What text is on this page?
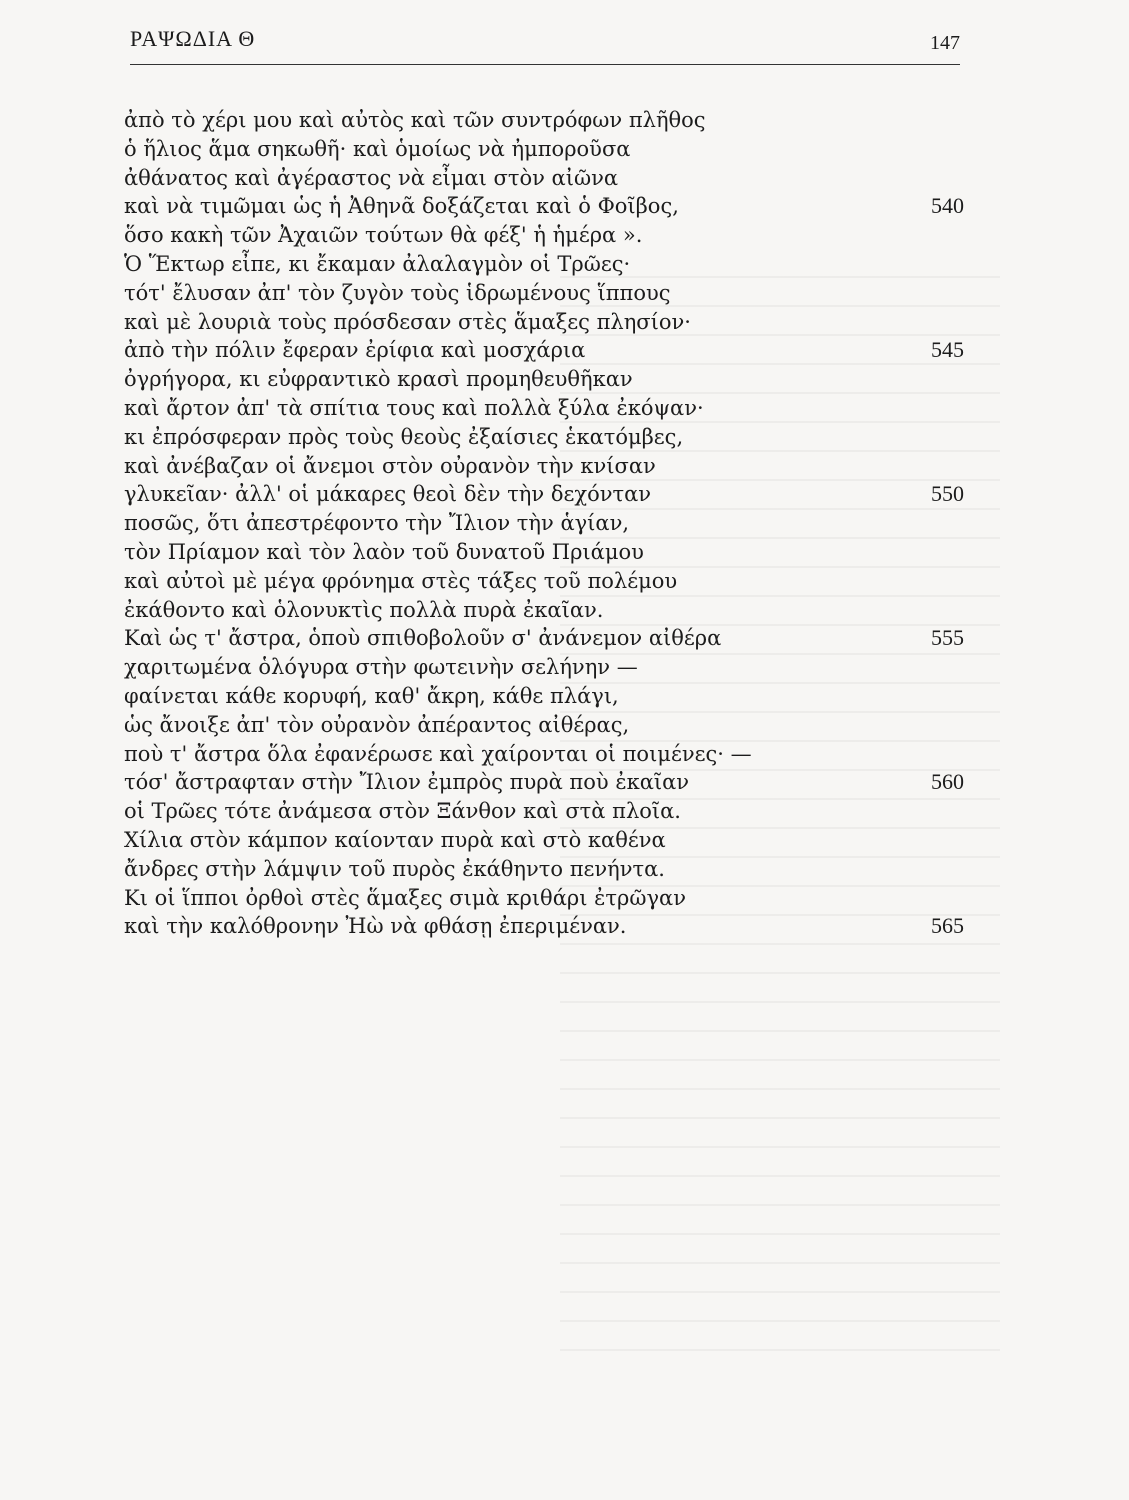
ΡΑΨΩΔΙΑ Θ	147
ἀπὸ τὸ χέρι μου καὶ αὐτὸς καὶ τῶν συντρόφων πλῆθος
ὁ ἥλιος ἅμα σηκωθῆ· καὶ ὁμοίως νὰ ἠμποροῦσα
ἀθάνατος καὶ ἀγέραστος νὰ εἶμαι στὸν αἰῶνα
καὶ νὰ τιμῶμαι ὡς ἡ Ἀθηνᾶ δοξάζεται καὶ ὁ Φοῖβος,	540
ὅσο κακὴ τῶν Ἀχαιῶν τούτων θὰ φέξ' ἡ ἡμέρα ».
Ὁ Ἕκτωρ εἶπε, κι ἔκαμαν ἀλαλαγμὸν οἱ Τρῶες·
τότ' ἔλυσαν ἀπ' τὸν ζυγὸν τοὺς ἱδρωμένους ἵππους
καὶ μὲ λουριὰ τοὺς πρόσδεσαν στὲς ἅμαξες πλησίον·
ἀπὸ τὴν πόλιν ἔφεραν ἐρίφια καὶ μοσχάρια	545
ὀγρήγορα, κι εὐφραντικὸ κρασὶ προμηθευθῆκαν
καὶ ἄρτον ἀπ' τὰ σπίτια τους καὶ πολλὰ ξύλα ἐκόψαν·
κι ἐπρόσφεραν πρὸς τοὺς θεοὺς ἐξαίσιες ἑκατόμβες,
καὶ ἀνέβαζαν οἱ ἄνεμοι στὸν οὐρανὸν τὴν κνίσαν
γλυκεῖαν· ἀλλ' οἱ μάκαρες θεοὶ δὲν τὴν δεχόνταν	550
ποσῶς, ὅτι ἀπεστρέφοντο τὴν Ἴλιον τὴν ἁγίαν,
τὸν Πρίαμον καὶ τὸν λαὸν τοῦ δυνατοῦ Πριάμου
καὶ αὐτοὶ μὲ μέγα φρόνημα στὲς τάξες τοῦ πολέμου
ἐκάθοντο καὶ ὁλονυκτὶς πολλὰ πυρὰ ἐκαῖαν.
Καὶ ὡς τ' ἄστρα, ὁποὺ σπιθοβολοῦν σ' ἀνάνεμον αἰθέρα	555
χαριτωμένα ὁλόγυρα στὴν φωτεινὴν σελήνην —
φαίνεται κάθε κορυφή, καθ' ἄκρη, κάθε πλάγι,
ὡς ἄνοιξε ἀπ' τὸν οὐρανὸν ἀπέραντος αἰθέρας,
ποὺ τ' ἄστρα ὅλα ἐφανέρωσε καὶ χαίρονται οἱ ποιμένες· —
τόσ' ἄστραφταν στὴν Ἴλιον ἐμπρὸς πυρὰ ποὺ ἐκαῖαν	560
οἱ Τρῶες τότε ἀνάμεσα στὸν Ξάνθον καὶ στὰ πλοῖα.
Χίλια στὸν κάμπον καίονταν πυρὰ καὶ στὸ καθένα
ἄνδρες στὴν λάμψιν τοῦ πυρὸς ἐκάθηντο πενήντα.
Κι οἱ ἵπποι ὀρθοὶ στὲς ἅμαξες σιμὰ κριθάρι ἐτρῶγαν
καὶ τὴν καλόθρονην Ἠὼ νὰ φθάσῃ ἐπεριμέναν.	565
